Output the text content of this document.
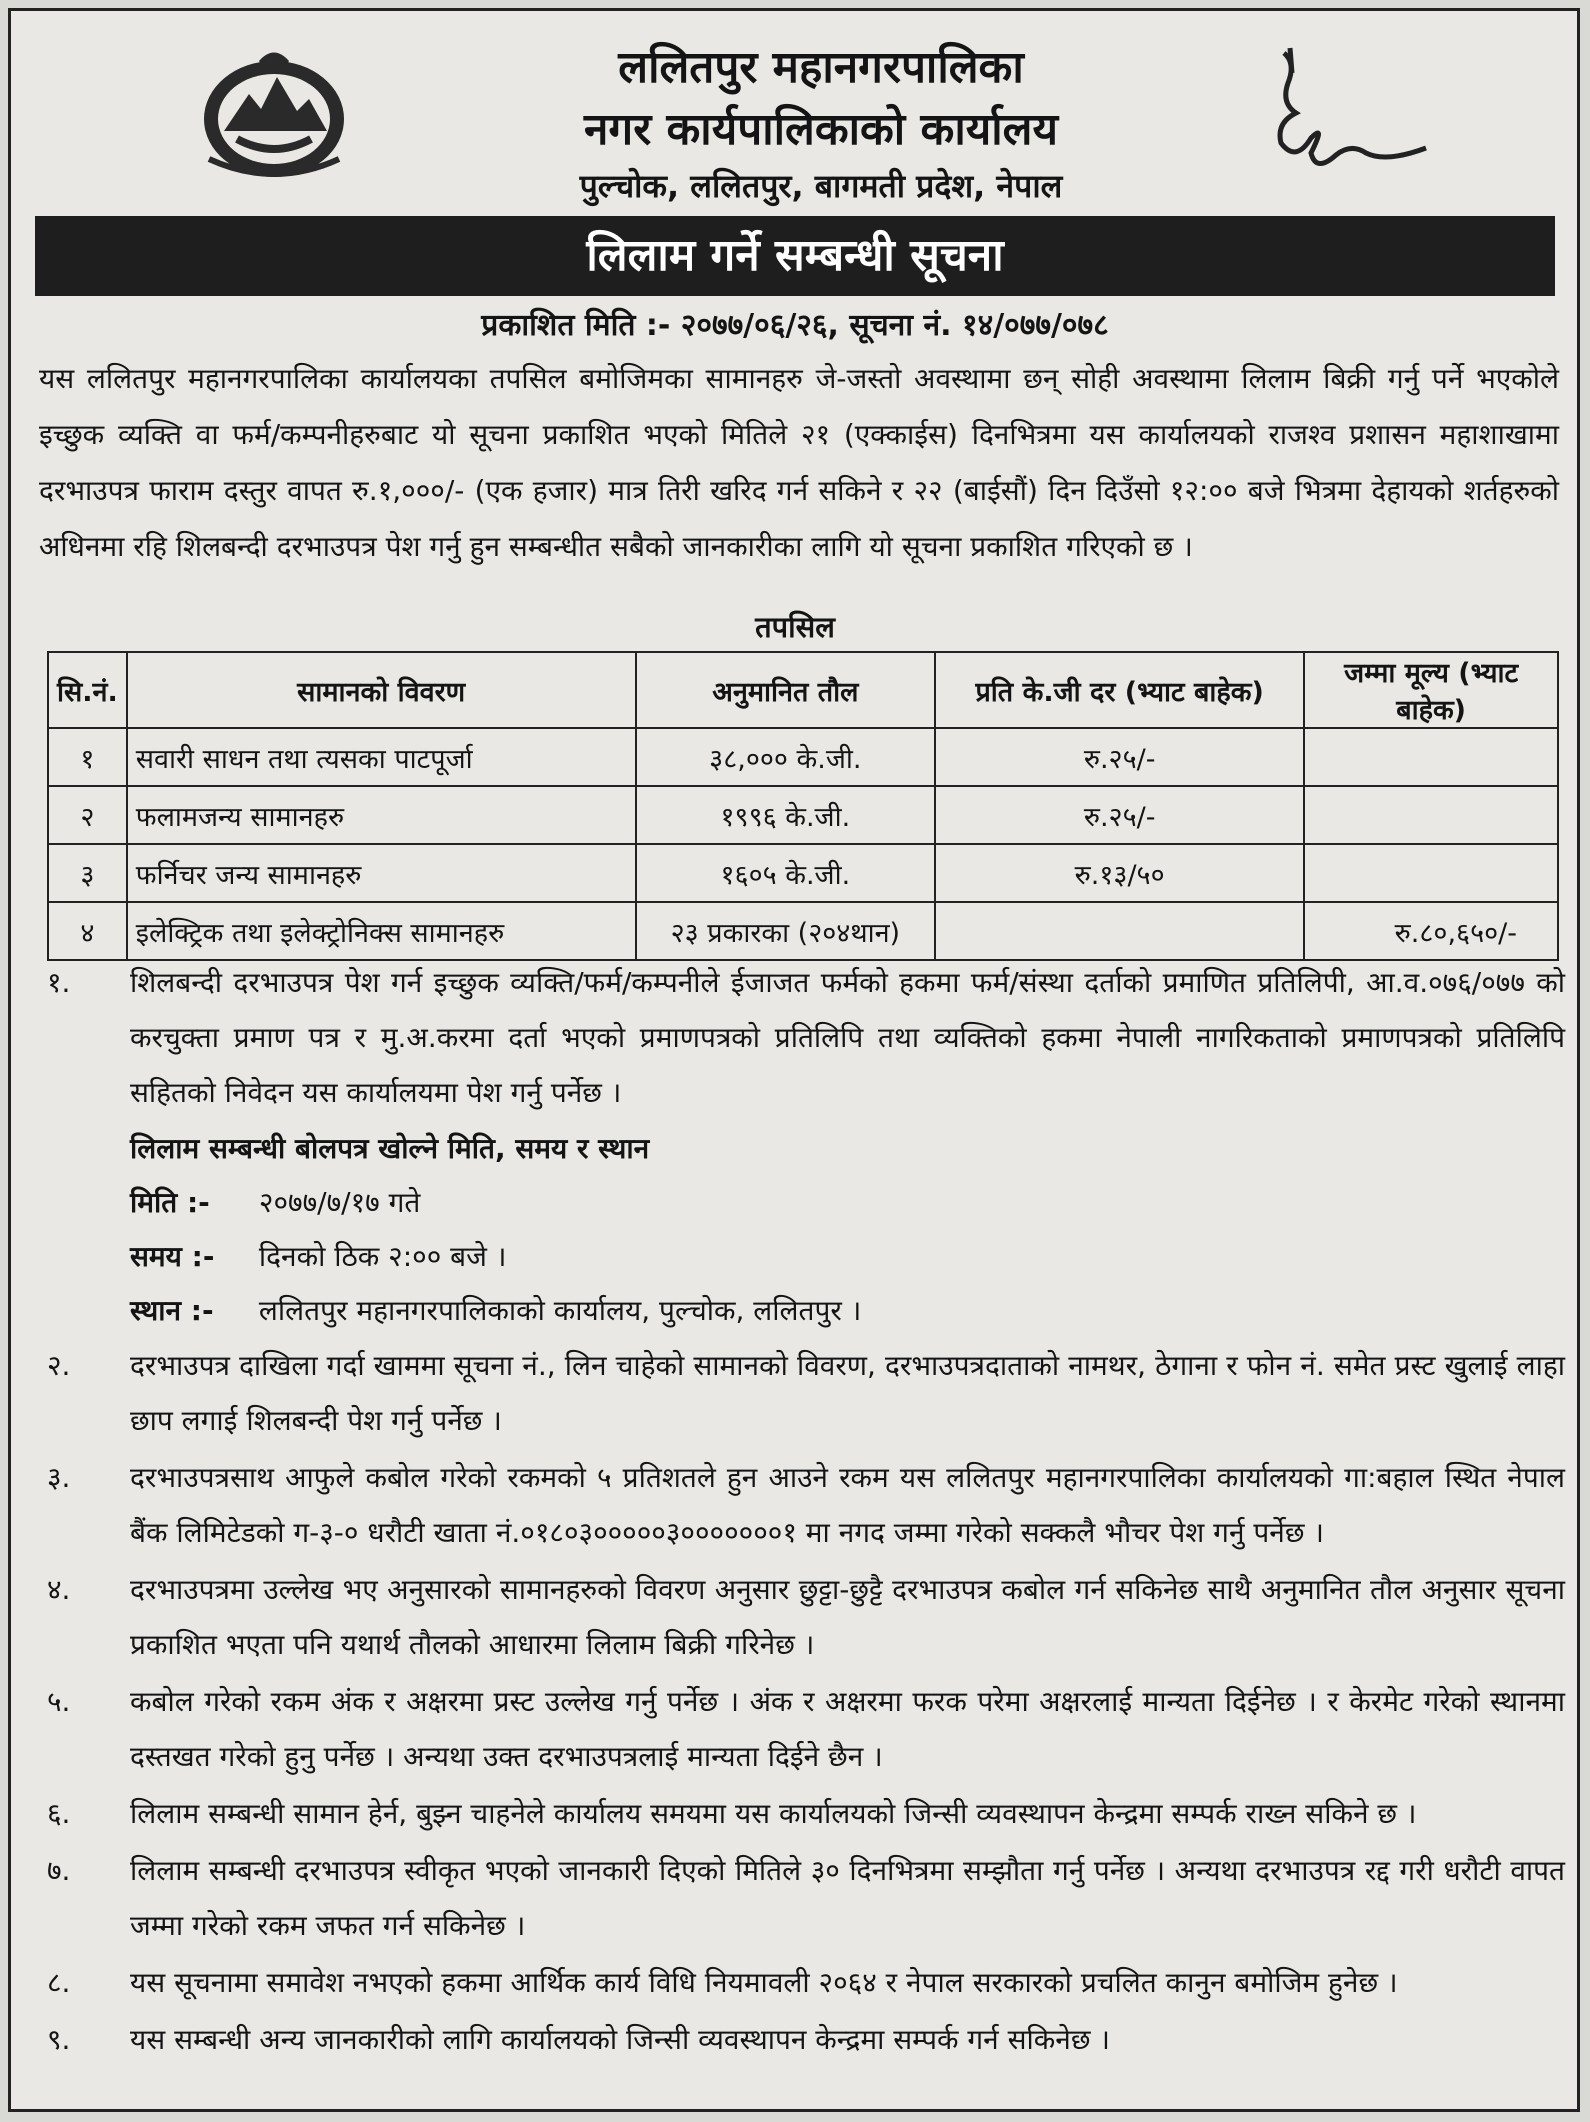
ललितपुर महानगरपालिका
नगर कार्यपालिकाको कार्यालय
पुल्चोक, ललितपुर, बागमती प्रदेश, नेपाल
लिलाम गर्ने सम्बन्धी सूचना
प्रकाशित मिति :- २०७७/०६/२६, सूचना नं. १४/०७७/०७८
यस ललितपुर महानगरपालिका कार्यालयका तपसिल बमोजिमका सामानहरु जे-जस्तो अवस्थामा छन् सोही अवस्थामा लिलाम बिक्री गर्नु पर्ने भएकोले इच्छुक व्यक्ति वा फर्म/कम्पनीहरुबाट यो सूचना प्रकाशित भएको मितिले २१ (एक्काईस) दिनभित्रमा यस कार्यालयको राजश्व प्रशासन महाशाखामा दरभाउपत्र फाराम दस्तुर वापत रु.१,०००/- (एक हजार) मात्र तिरी खरिद गर्न सकिने र २२ (बाईसौं) दिन दिउँसो १२:०० बजे भित्रमा देहायको शर्तहरुको अधिनमा रहि शिलबन्दी दरभाउपत्र पेश गर्नु हुन सम्बन्धीत सबैको जानकारीका लागि यो सूचना प्रकाशित गरिएको छ ।
तपसिल
सि.नं.	सामानको विवरण	अनुमानित तौल	प्रति के.जी दर (भ्याट बाहेक)	जम्मा मूल्य (भ्याट बाहेक)
१	सवारी साधन तथा त्यसका पाटपूर्जा	३८,००० के.जी.	रु.२५/-	
२	फलामजन्य सामानहरु	१९९६ के.जी.	रु.२५/-	
३	फर्निचर जन्य सामानहरु	१६०५ के.जी.	रु.१३/५०	
४	इलेक्ट्रिक तथा इलेक्ट्रोनिक्स सामानहरु	२३ प्रकारका (२०४थान)		रु.८०,६५०/-
१. शिलबन्दी दरभाउपत्र पेश गर्न इच्छुक व्यक्ति/फर्म/कम्पनीले ईजाजत फर्मको हकमा फर्म/संस्था दर्ताको प्रमाणित प्रतिलिपी, आ.व.०७६/०७७ को करचुक्ता प्रमाण पत्र र मु.अ.करमा दर्ता भएको प्रमाणपत्रको प्रतिलिपि तथा व्यक्तिको हकमा नेपाली नागरिकताको प्रमाणपत्रको प्रतिलिपि सहितको निवेदन यस कार्यालयमा पेश गर्नु पर्नेछ ।
लिलाम सम्बन्धी बोलपत्र खोल्ने मिति, समय र स्थान
मिति :- २०७७/७/१७ गते
समय :- दिनको ठिक २:०० बजे ।
स्थान :- ललितपुर महानगरपालिकाको कार्यालय, पुल्चोक, ललितपुर ।
२. दरभाउपत्र दाखिला गर्दा खाममा सूचना नं., लिन चाहेको सामानको विवरण, दरभाउपत्रदाताको नामथर, ठेगाना र फोन नं. समेत प्रस्ट खुलाई लाहा छाप लगाई शिलबन्दी पेश गर्नु पर्नेछ ।
३. दरभाउपत्रसाथ आफुले कबोल गरेको रकमको ५ प्रतिशतले हुन आउने रकम यस ललितपुर महानगरपालिका कार्यालयको गा:बहाल स्थित नेपाल बैंक लिमिटेडको ग-३-० धरौटी खाता नं.०१८०३०००००३०००००००१ मा नगद जम्मा गरेको सक्कलै भौचर पेश गर्नु पर्नेछ ।
४. दरभाउपत्रमा उल्लेख भए अनुसारको सामानहरुको विवरण अनुसार छुट्टा-छुट्टै दरभाउपत्र कबोल गर्न सकिनेछ साथै अनुमानित तौल अनुसार सूचना प्रकाशित भएता पनि यथार्थ तौलको आधारमा लिलाम बिक्री गरिनेछ ।
५. कबोल गरेको रकम अंक र अक्षरमा प्रस्ट उल्लेख गर्नु पर्नेछ । अंक र अक्षरमा फरक परेमा अक्षरलाई मान्यता दिईनेछ । र केरमेट गरेको स्थानमा दस्तखत गरेको हुनु पर्नेछ । अन्यथा उक्त दरभाउपत्रलाई मान्यता दिईने छैन ।
६. लिलाम सम्बन्धी सामान हेर्न, बुझ्न चाहनेले कार्यालय समयमा यस कार्यालयको जिन्सी व्यवस्थापन केन्द्रमा सम्पर्क राख्न सकिने छ ।
७. लिलाम सम्बन्धी दरभाउपत्र स्वीकृत भएको जानकारी दिएको मितिले ३० दिनभित्रमा सम्झौता गर्नु पर्नेछ । अन्यथा दरभाउपत्र रद्द गरी धरौटी वापत जम्मा गरेको रकम जफत गर्न सकिनेछ ।
८. यस सूचनामा समावेश नभएको हकमा आर्थिक कार्य विधि नियमावली २०६४ र नेपाल सरकारको प्रचलित कानुन बमोजिम हुनेछ ।
९. यस सम्बन्धी अन्य जानकारीको लागि कार्यालयको जिन्सी व्यवस्थापन केन्द्रमा सम्पर्क गर्न सकिनेछ ।
